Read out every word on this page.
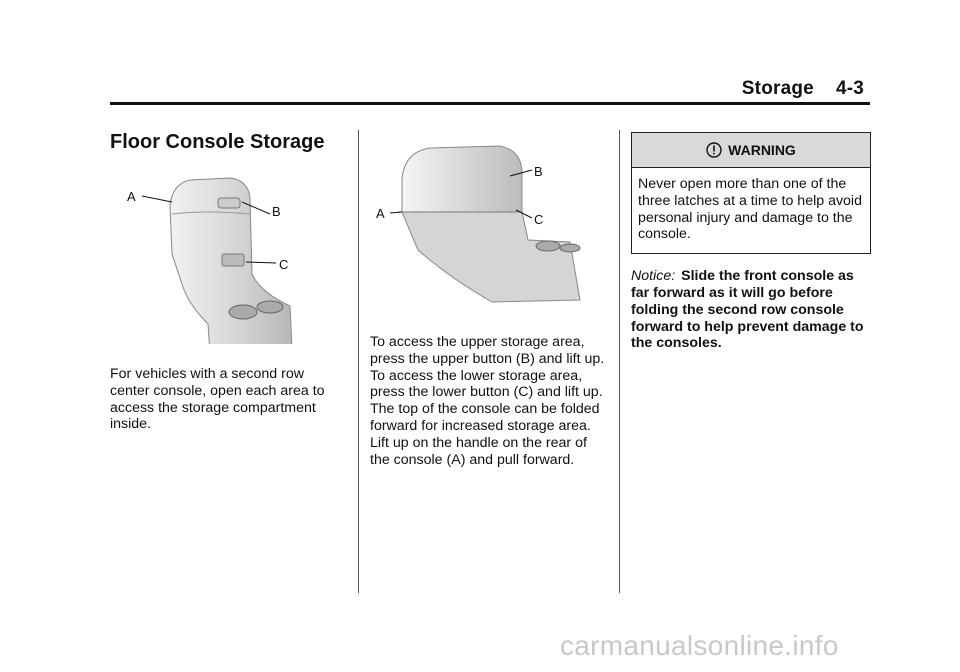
Storage 4-3
Floor Console Storage
A
B
C

For vehicles with a second row center console, open each area to access the storage compartment inside.

A
B
C

To access the upper storage area, press the upper button (B) and lift up. To access the lower storage area, press the lower button (C) and lift up. The top of the console can be folded forward for increased storage area. Lift up on the handle on the rear of the console (A) and pull forward.

WARNING
Never open more than one of the three latches at a time to help avoid personal injury and damage to the console.

Notice: Slide the front console as far forward as it will go before folding the second row console forward to help prevent damage to the consoles.

carmanualsonline.info
